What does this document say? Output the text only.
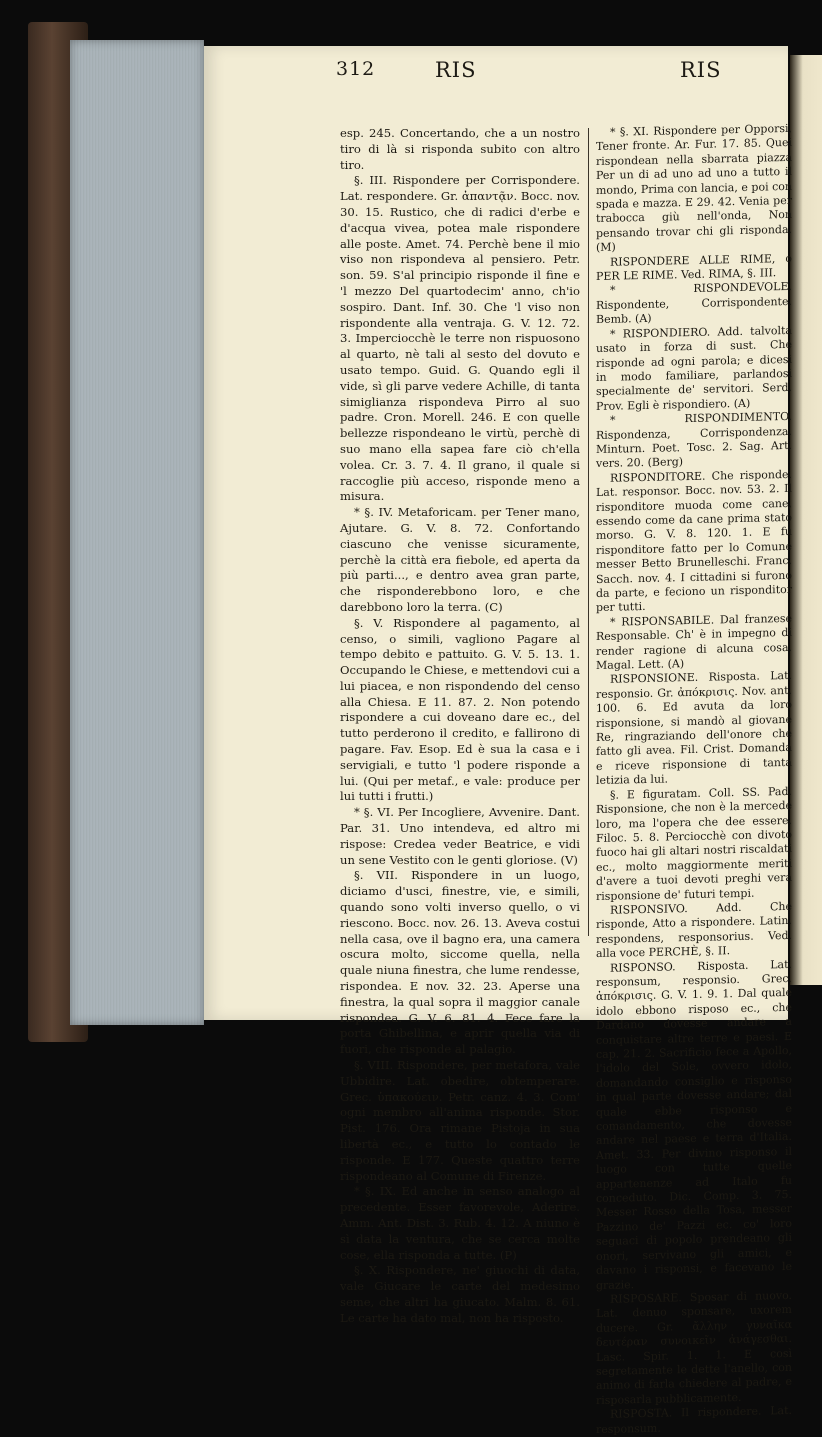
312	RIS	RIS

esp. 245. Concertando, che a un nostro tiro di là si risponda subito con altro tiro.

§. III. Rispondere per Corrispondere. Lat. respondere. Gr. ἀπαντᾷν. Bocc. nov. 30. 15. Rustico, che di radici d'erbe e d'acqua vivea, potea male rispondere alle poste. Amet. 74. Perchè bene il mio viso non rispondeva al pensiero. Petr. son. 59. S'al principio risponde il fine e 'l mezzo Del quartodecim' anno, ch'io sospiro. Dant. Inf. 30. Che 'l viso non rispondente alla ventraja. G. V. 12. 72. 3. Imperciocchè le terre non rispuosono al quarto, nè tali al sesto del dovuto e usato tempo. Guid. G. Quando egli il vide, sì gli parve vedere Achille, di tanta simiglianza rispondeva Pirro al suo padre. Cron. Morell. 246. E con quelle bellezze rispondeano le virtù, perchè di suo mano ella sapea fare ciò ch'ella volea. Cr. 3. 7. 4. Il grano, il quale si raccoglie più acceso, risponde meno a misura.

* §. IV. Metaforicam. per Tener mano, Ajutare. G. V. 8. 72. Confortando ciascuno che venisse sicuramente, perchè la città era fiebole, ed aperta da più parti..., e dentro avea gran parte, che risponderebbono loro, e che darebbono loro la terra. (C)

§. V. Rispondere al pagamento, al censo, o simili, vagliono Pagare al tempo debito e pattuito. G. V. 5. 13. 1. Occupando le Chiese, e mettendovi cui a lui piacea, e non rispondendo del censo alla Chiesa. E 11. 87. 2. Non potendo rispondere a cui doveano dare ec., del tutto perderono il credito, e fallirono di pagare. Fav. Esop. Ed è sua la casa e i servigiali, e tutto 'l podere risponde a lui. (Qui per metaf., e vale: produce per lui tutti i frutti.)

* §. VI. Per Incogliere, Avvenire. Dant. Par. 31. Uno intendeva, ed altro mi rispose: Credea veder Beatrice, e vidi un sene Vestito con le genti gloriose. (V)

§. VII. Rispondere in un luogo, diciamo d'usci, finestre, vie, e simili, quando sono volti inverso quello, o vi riescono. Bocc. nov. 26. 13. Aveva costui nella casa, ove il bagno era, una camera oscura molto, siccome quella, nella quale niuna finestra, che lume rendesse, rispondea. E nov. 32. 23. Aperse una finestra, la qual sopra il maggior canale rispondea. G. V. 6. 81. 4. Fece fare la porta Ghibellina, e aprir quella via di fuori, che risponde al palagio.

§. VIII. Rispondere, per metafora, vale Ubbidire. Lat. obedire, obtemperare. Grec. ὑπακούειν. Petr. canz. 4. 3. Com' ogni membro all'anima risponde. Stor. Pist. 176. Ora rimane Pistoja in sua libertà ec., e tutto lo contado le risponde. E 177. Queste quattro terre rispondeano al Comune di Firenze.

* §. IX. Ed anche in senso analogo al precedente. Esser favorevole, Aderire. Amm. Ant. Dist. 3. Rub. 4. 12. A niuno è sì data la ventura, che se cerca molte cose, ella risponda a tutte. (P)

§. X. Rispondere, ne' giuochi di data, vale Giucare le carte del medesimo seme, che altri ha giucato. Malm. 8. 61. Le carte ha dato mal, non ha risposto.

* §. XI. Rispondere per Opporsi, Tener fronte. Ar. Fur. 17. 85. Quei rispondean nella sbarrata piazza Per un di ad uno ad uno a tutto il mondo, Prima con lancia, e poi con spada e mazza. E 29. 42. Venia per trabocca giù nell'onda, Non pensando trovar chi gli risponda. (M)

RISPONDERE ALLE RIME, o PER LE RIME. Ved. RIMA, §. III.

* RISPONDEVOLE. Rispondente, Corrispondente. Bemb. (A)

* RISPONDIERO. Add. talvolta usato in forza di sust. Che risponde ad ogni parola; e dicesi in modo familiare, parlandosi specialmente de' servitori. Serd. Prov. Egli è rispondiero. (A)

* RISPONDIMENTO. Rispondenza, Corrispondenza. Minturn. Poet. Tosc. 2. Sag. Art. vers. 20. (Berg)

RISPONDITORE. Che risponde. Lat. responsor. Bocc. nov. 53. 2. Il risponditore muoda come cane, essendo come da cane prima stato morso. G. V. 8. 120. 1. E fu risponditore fatto per lo Comune messer Betto Brunelleschi. Franc. Sacch. nov. 4. I cittadini si furono da parte, e feciono un risponditor per tutti.

* RISPONSABILE. Dal franzese Responsable. Ch' è in impegno di render ragione di alcuna cosa. Magal. Lett. (A)

RISPONSIONE. Risposta. Lat. responsio. Gr. ἀπόκρισις. Nov. ant. 100. 6. Ed avuta da loro risponsione, si mandò al giovane Re, ringraziando dell'onore che fatto gli avea. Fil. Crist. Domanda e riceve risponsione di tanta letizia da lui.

§. E figuratam. Coll. SS. Pad. Risponsione, che non è la mercede loro, ma l'opera che dee essere. Filoc. 5. 8. Perciocchè con divoto fuoco hai gli altari nostri riscaldati ec., molto maggiormente meriti d'avere a tuoi devoti preghi vera risponsione de' futuri tempi.

RISPONSIVO. Add. Che risponde, Atto a rispondere. Latin. respondens, responsorius. Ved. alla voce PERCHÈ, §. II.

RISPONSO. Risposta. Lat. responsum, responsio. Grec. ἀπόκρισις. G. V. 1. 9. 1. Dal quale idolo ebbono risposo ec., che Dardano dovesse andare a conquistare altre terre e paesi. E cap. 21. 2. Sacrificio fece a Apollo, l'idolo del Sole, ovvero idolo, domandando consiglio e risponso in qual parte dovesse andare; dal quale ebbe risponso e comandamento, che dovesse andare nel paese e terra d'Italia. Amet. 33. Per divino risponso il luogo con tutte quelle appartenenze ad Italo fu conceduto. Dic. Comp. 3. 75. Messer Rosso della Tosa, messer Pazzino de' Pazzi ec. co' loro seguaci di popolo prendeano gli onori, servivano gli amici, e davano i risponsi, e facevano le grazie.

RISPOSARE. Sposar di nuovo. Lat. denuo sponsare, uxorem ducere. Gr. ἄλλην γυναῖκα δευτέραν συνοικεῖν ἀνάγεσθαι. Lasc. Spir. 1. 1. E così segretamente le dette l'anello, con animo di farla chiedere al padre, e risposarla pubblicamente.

RISPOSTA. Il rispondere. Lat. responsum.
